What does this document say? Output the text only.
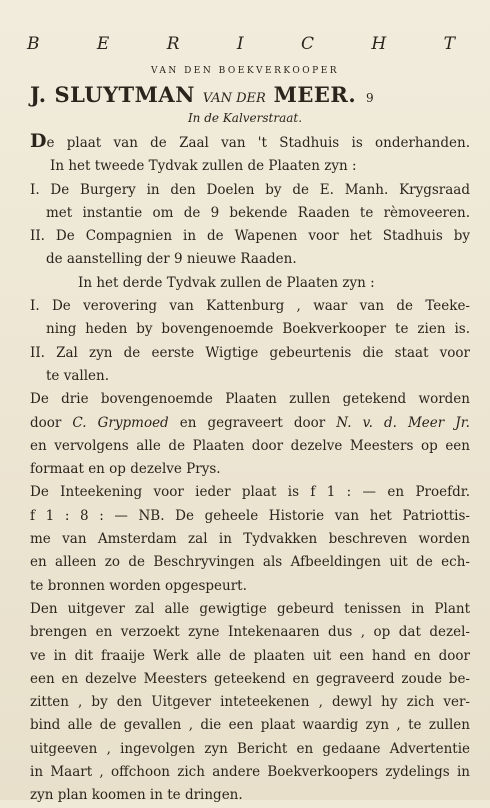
B E R I C H T
VAN DEN BOEKVERKOOPER
J. SLUYTMAN VAN DER MEER. 9
In de Kalverstraat.
De plaat van de Zaal van 't Stadhuis is onderhanden.
In het tweede Tydvak zullen de Plaaten zyn :
I. De Burgery in den Doelen by de E. Manh. Krygsraad
met instantie om de 9 bekende Raaden te rèmoveeren.
II. De Compagnien in de Wapenen voor het Stadhuis by
de aanstelling der 9 nieuwe Raaden.
In het derde Tydvak zullen de Plaaten zyn :
I. De verovering van Kattenburg , waar van de Teeke-
ning heden by bovengenoemde Boekverkooper te zien is.
II. Zal zyn de eerste Wigtige gebeurtenis die staat voor
te vallen.
De drie bovengenoemde Plaaten zullen getekend worden
door C. Grypmoed en gegraveert door N. v. d. Meer Jr.
en vervolgens alle de Plaaten door dezelve Meesters op een
formaat en op dezelve Prys.
De Inteekening voor ieder plaat is f 1 : — en Proefdr.
f 1 : 8 : — NB. De geheele Historie van het Patriottis-
me van Amsterdam zal in Tydvakken beschreven worden
en alleen zo de Beschryvingen als Afbeeldingen uit de ech-
te bronnen worden opgespeurt.
Den uitgever zal alle gewigtige gebeurd tenissen in Plant
brengen en verzoekt zyne Intekenaaren dus , op dat dezel-
ve in dit fraaije Werk alle de plaaten uit een hand en door
een en dezelve Meesters geteekend en gegraveerd zoude be-
zitten , by den Uitgever inteteekenen , dewyl hy zich ver-
bind alle de gevallen , die een plaat waardig zyn , te zullen
uitgeeven , ingevolgen zyn Bericht en gedaane Advertentie
in Maart , offchoon zich andere Boekverkoopers zydelings in
zyn plan koomen in te dringen.
